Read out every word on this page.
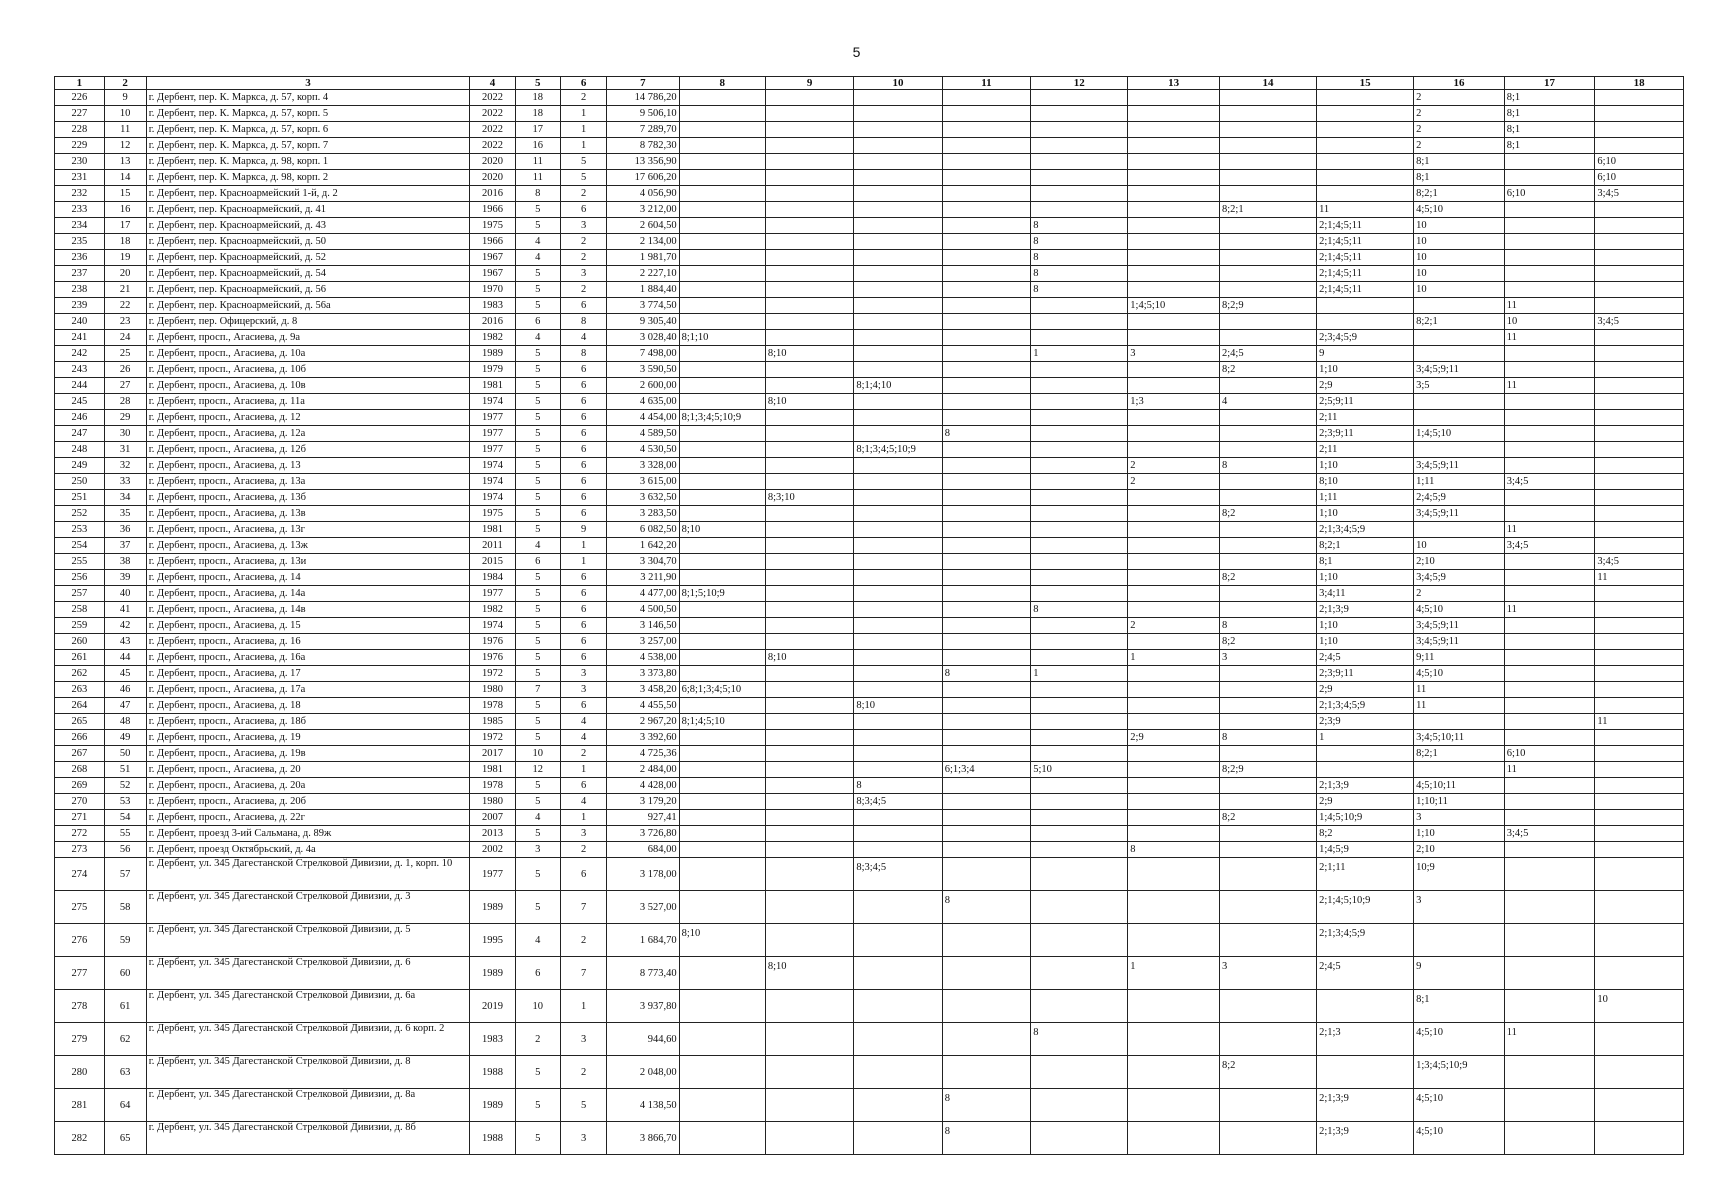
5
1	2	3	4	5	6	7	8	9	10	11	12	13	14	15	16	17	18
226	9	г. Дербент, пер. К. Маркса, д. 57, корп. 4	2022	18	2	14 786,20									2	8;1	
227	10	г. Дербент, пер. К. Маркса, д. 57, корп. 5	2022	18	1	9 506,10									2	8;1	
228	11	г. Дербент, пер. К. Маркса, д. 57, корп. 6	2022	17	1	7 289,70									2	8;1	
229	12	г. Дербент, пер. К. Маркса, д. 57, корп. 7	2022	16	1	8 782,30									2	8;1	
230	13	г. Дербент, пер. К. Маркса, д. 98, корп. 1	2020	11	5	13 356,90									8;1		6;10
231	14	г. Дербент, пер. К. Маркса, д. 98, корп. 2	2020	11	5	17 606,20									8;1		6;10
232	15	г. Дербент, пер. Красноармейский 1-й, д. 2	2016	8	2	4 056,90									8;2;1	6;10	3;4;5
233	16	г. Дербент, пер. Красноармейский, д. 41	1966	5	6	3 212,00							8;2;1	11	4;5;10		
234	17	г. Дербент, пер. Красноармейский, д. 43	1975	5	3	2 604,50					8			2;1;4;5;11	10		
235	18	г. Дербент, пер. Красноармейский, д. 50	1966	4	2	2 134,00					8			2;1;4;5;11	10		
236	19	г. Дербент, пер. Красноармейский, д. 52	1967	4	2	1 981,70					8			2;1;4;5;11	10		
237	20	г. Дербент, пер. Красноармейский, д. 54	1967	5	3	2 227,10					8			2;1;4;5;11	10		
238	21	г. Дербент, пер. Красноармейский, д. 56	1970	5	2	1 884,40					8			2;1;4;5;11	10		
239	22	г. Дербент, пер. Красноармейский, д. 56а	1983	5	6	3 774,50						1;4;5;10	8;2;9			11	
240	23	г. Дербент, пер. Офицерский, д. 8	2016	6	8	9 305,40									8;2;1	10	3;4;5
241	24	г. Дербент, просп., Агасиева, д. 9а	1982	4	4	3 028,40	8;1;10							2;3;4;5;9		11	
242	25	г. Дербент, просп., Агасиева, д. 10а	1989	5	8	7 498,00		8;10			1	3	2;4;5	9			
243	26	г. Дербент, просп., Агасиева, д. 10б	1979	5	6	3 590,50							8;2	1;10	3;4;5;9;11		
244	27	г. Дербент, просп., Агасиева, д. 10в	1981	5	6	2 600,00			8;1;4;10					2;9	3;5	11	
245	28	г. Дербент, просп., Агасиева, д. 11а	1974	5	6	4 635,00		8;10				1;3	4	2;5;9;11			
246	29	г. Дербент, просп., Агасиева, д. 12	1977	5	6	4 454,00	8;1;3;4;5;10;9							2;11			
247	30	г. Дербент, просп., Агасиева, д. 12а	1977	5	6	4 589,50				8				2;3;9;11	1;4;5;10		
248	31	г. Дербент, просп., Агасиева, д. 12б	1977	5	6	4 530,50			8;1;3;4;5;10;9					2;11			
249	32	г. Дербент, просп., Агасиева, д. 13	1974	5	6	3 328,00						2	8	1;10	3;4;5;9;11		
250	33	г. Дербент, просп., Агасиева, д. 13а	1974	5	6	3 615,00						2		8;10	1;11	3;4;5	
251	34	г. Дербент, просп., Агасиева, д. 13б	1974	5	6	3 632,50		8;3;10						1;11	2;4;5;9		
252	35	г. Дербент, просп., Агасиева, д. 13в	1975	5	6	3 283,50							8;2	1;10	3;4;5;9;11		
253	36	г. Дербент, просп., Агасиева, д. 13г	1981	5	9	6 082,50	8;10							2;1;3;4;5;9		11	
254	37	г. Дербент, просп., Агасиева, д. 13ж	2011	4	1	1 642,20								8;2;1	10	3;4;5	
255	38	г. Дербент, просп., Агасиева, д. 13и	2015	6	1	3 304,70								8;1	2;10		3;4;5
256	39	г. Дербент, просп., Агасиева, д. 14	1984	5	6	3 211,90							8;2	1;10	3;4;5;9		11
257	40	г. Дербент, просп., Агасиева, д. 14а	1977	5	6	4 477,00	8;1;5;10;9							3;4;11	2		
258	41	г. Дербент, просп., Агасиева, д. 14в	1982	5	6	4 500,50					8			2;1;3;9	4;5;10	11	
259	42	г. Дербент, просп., Агасиева, д. 15	1974	5	6	3 146,50						2	8	1;10	3;4;5;9;11		
260	43	г. Дербент, просп., Агасиева, д. 16	1976	5	6	3 257,00							8;2	1;10	3;4;5;9;11		
261	44	г. Дербент, просп., Агасиева, д. 16а	1976	5	6	4 538,00		8;10				1	3	2;4;5	9;11		
262	45	г. Дербент, просп., Агасиева, д. 17	1972	5	3	3 373,80				8	1			2;3;9;11	4;5;10		
263	46	г. Дербент, просп., Агасиева, д. 17а	1980	7	3	3 458,20	6;8;1;3;4;5;10							2;9	11		
264	47	г. Дербент, просп., Агасиева, д. 18	1978	5	6	4 455,50			8;10					2;1;3;4;5;9	11		
265	48	г. Дербент, просп., Агасиева, д. 18б	1985	5	4	2 967,20	8;1;4;5;10							2;3;9			11
266	49	г. Дербент, просп., Агасиева, д. 19	1972	5	4	3 392,60						2;9	8	1	3;4;5;10;11		
267	50	г. Дербент, просп., Агасиева, д. 19в	2017	10	2	4 725,36									8;2;1	6;10	
268	51	г. Дербент, просп., Агасиева, д. 20	1981	12	1	2 484,00				6;1;3;4	5;10		8;2;9			11	
269	52	г. Дербент, просп., Агасиева, д. 20а	1978	5	6	4 428,00			8					2;1;3;9	4;5;10;11		
270	53	г. Дербент, просп., Агасиева, д. 20б	1980	5	4	3 179,20			8;3;4;5					2;9	1;10;11		
271	54	г. Дербент, просп., Агасиева, д. 22г	2007	4	1	927,41							8;2	1;4;5;10;9	3		
272	55	г. Дербент, проезд 3-ий Сальмана, д. 89ж	2013	5	3	3 726,80								8;2	1;10	3;4;5	
273	56	г. Дербент, проезд Октябрьский, д. 4а	2002	3	2	684,00						8		1;4;5;9	2;10		
274	57	г. Дербент, ул. 345 Дагестанской Стрелковой Дивизии, д. 1, корп. 10	1977	5	6	3 178,00			8;3;4;5					2;1;11	10;9		
275	58	г. Дербент, ул. 345 Дагестанской Стрелковой Дивизии, д. 3	1989	5	7	3 527,00				8				2;1;4;5;10;9	3		
276	59	г. Дербент, ул. 345 Дагестанской Стрелковой Дивизии, д. 5	1995	4	2	1 684,70	8;10							2;1;3;4;5;9			
277	60	г. Дербент, ул. 345 Дагестанской Стрелковой Дивизии, д. 6	1989	6	7	8 773,40		8;10				1	3	2;4;5	9		
278	61	г. Дербент, ул. 345 Дагестанской Стрелковой Дивизии, д. 6а	2019	10	1	3 937,80									8;1		10
279	62	г. Дербент, ул. 345 Дагестанской Стрелковой Дивизии, д. 6 корп. 2	1983	2	3	944,60					8			2;1;3	4;5;10	11	
280	63	г. Дербент, ул. 345 Дагестанской Стрелковой Дивизии, д. 8	1988	5	2	2 048,00							8;2		1;3;4;5;10;9		
281	64	г. Дербент, ул. 345 Дагестанской Стрелковой Дивизии, д. 8а	1989	5	5	4 138,50				8				2;1;3;9	4;5;10		
282	65	г. Дербент, ул. 345 Дагестанской Стрелковой Дивизии, д. 8б	1988	5	3	3 866,70				8				2;1;3;9	4;5;10		
